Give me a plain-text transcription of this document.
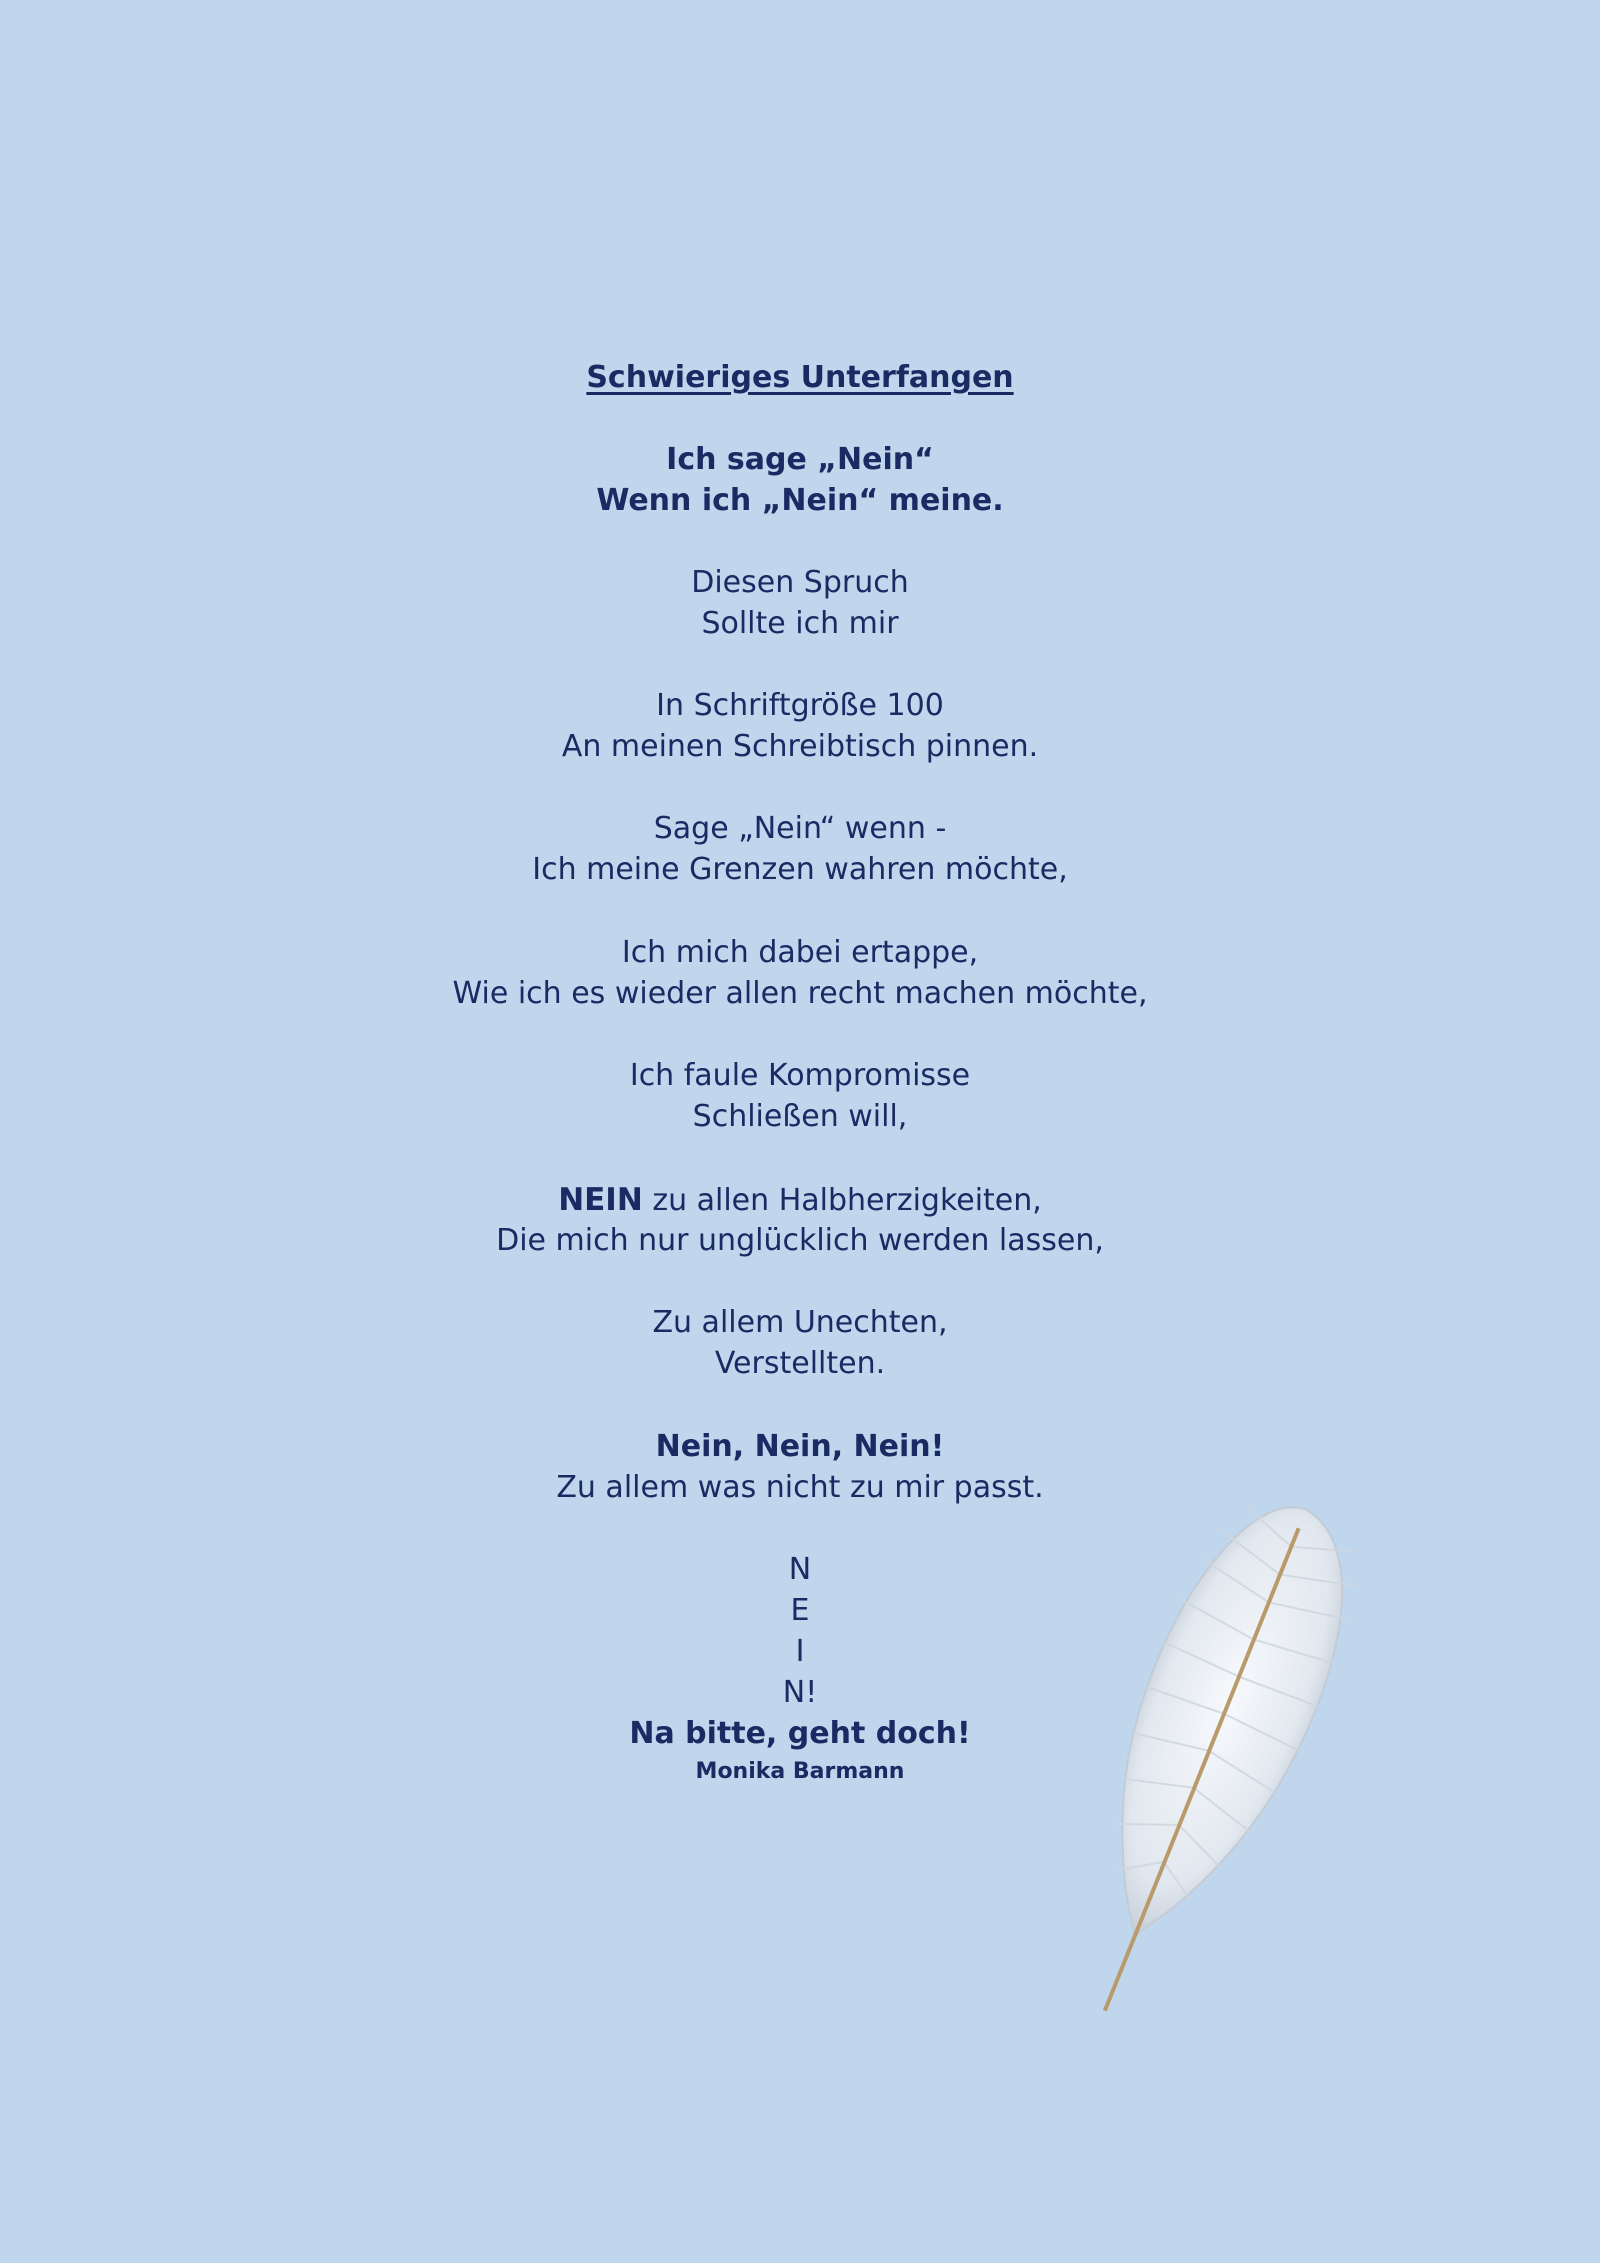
Schwieriges Unterfangen
Ich sage „Nein“
Wenn ich „Nein“ meine.
Diesen Spruch
Sollte ich mir
In Schriftgröße 100
An meinen Schreibtisch pinnen.
Sage „Nein“ wenn -
Ich meine Grenzen wahren möchte,
Ich mich dabei ertappe,
Wie ich es wieder allen recht machen möchte,
Ich faule Kompromisse
Schließen will,
NEIN zu allen Halbherzigkeiten,
Die mich nur unglücklich werden lassen,
Zu allem Unechten,
Verstellten.
Nein, Nein, Nein!
Zu allem was nicht zu mir passt.
N
E
I
N!
Na bitte, geht doch!
Monika Barmann
